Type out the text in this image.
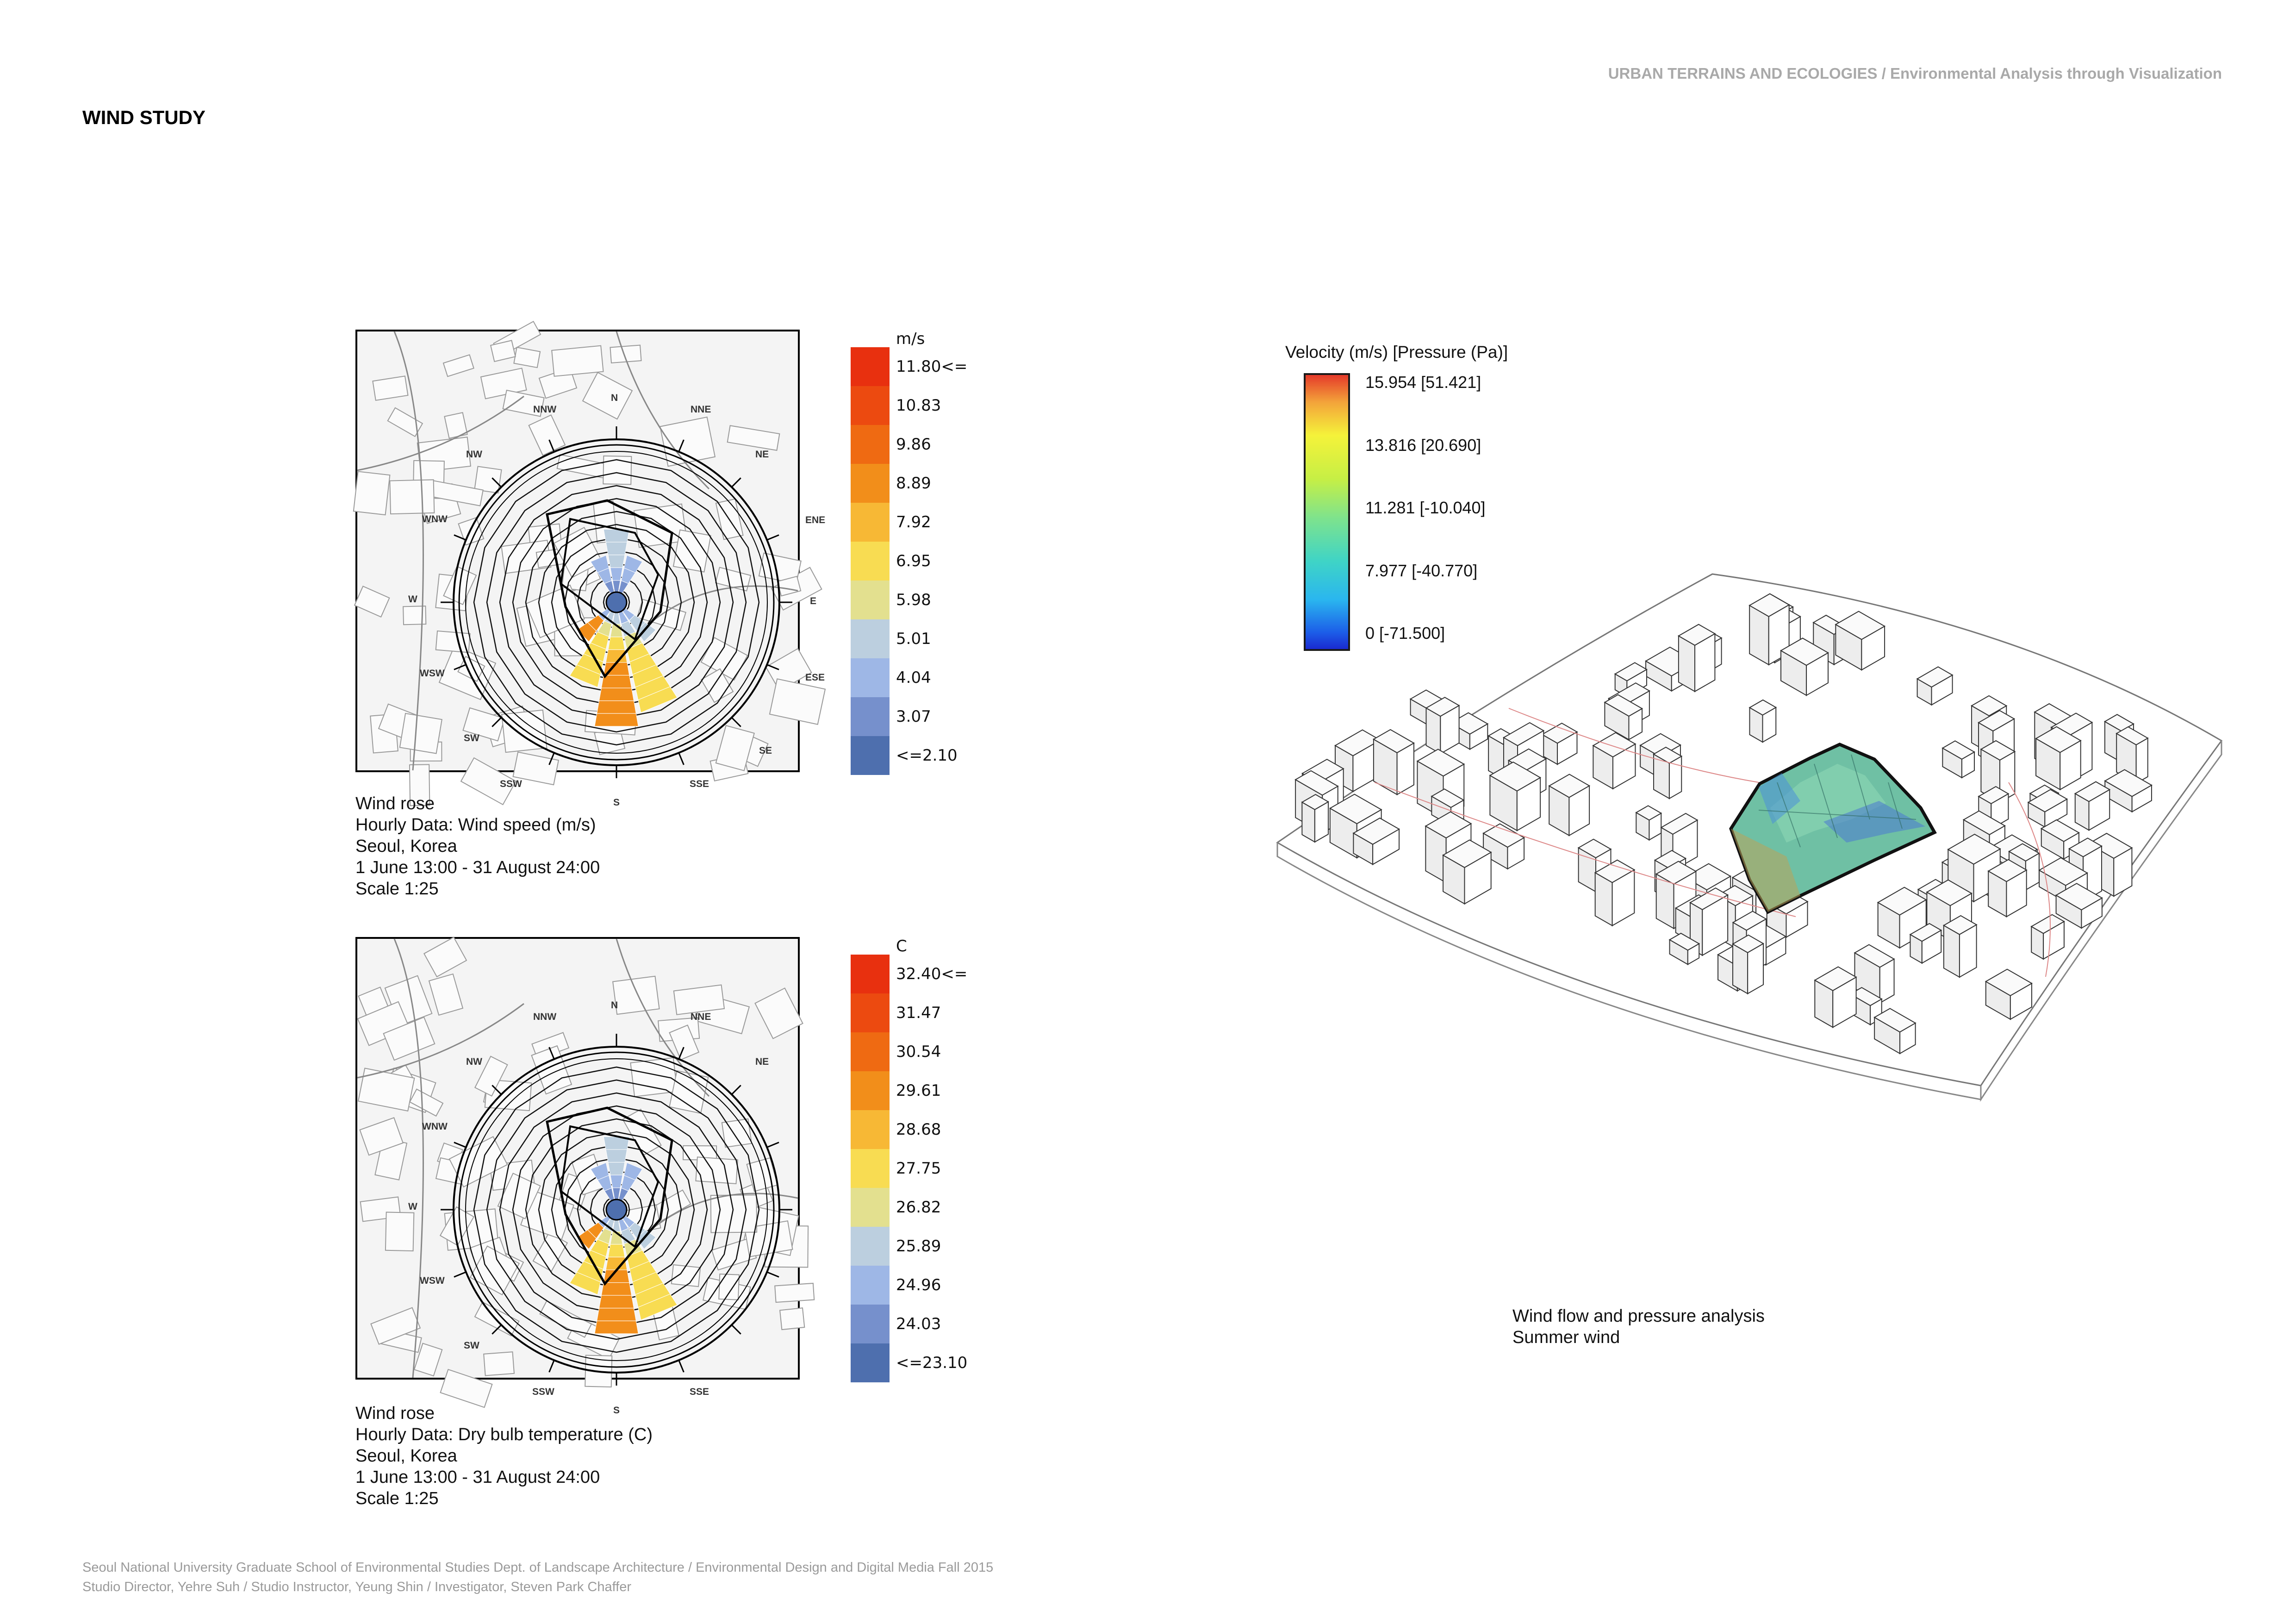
URBAN TERRAINS AND ECOLOGIES / Environmental Analysis through Visualization
WIND STUDY
N
NNW	NNE
NW	NE
WNW
W
WSW
SW
SSW
S
SSE
ENE
E
ESE
SE
m/s
11.80<=
10.83
9.86
8.89
7.92
6.95
5.98
5.01
4.04
3.07
<=2.10
Wind rose
Hourly Data: Wind speed (m/s)
Seoul, Korea
1 June 13:00 - 31 August 24:00
Scale 1:25
N
NNW	NNE
NW	NE
WNW
W
WSW
SW
SSW
S
SSE
C
32.40<=
31.47
30.54
29.61
28.68
27.75
26.82
25.89
24.96
24.03
<=23.10
Wind rose
Hourly Data: Dry bulb temperature (C)
Seoul, Korea
1 June 13:00 - 31 August 24:00
Scale 1:25
Velocity (m/s) [Pressure (Pa)]
15.954 [51.421]
13.816 [20.690]
11.281 [-10.040]
7.977 [-40.770]
0 [-71.500]
Wind flow and pressure analysis
Summer wind
Seoul National University Graduate School of Environmental Studies Dept. of Landscape Architecture / Environmental Design and Digital Media Fall 2015
Studio Director, Yehre Suh / Studio Instructor, Yeung Shin / Investigator, Steven Park Chaffer
